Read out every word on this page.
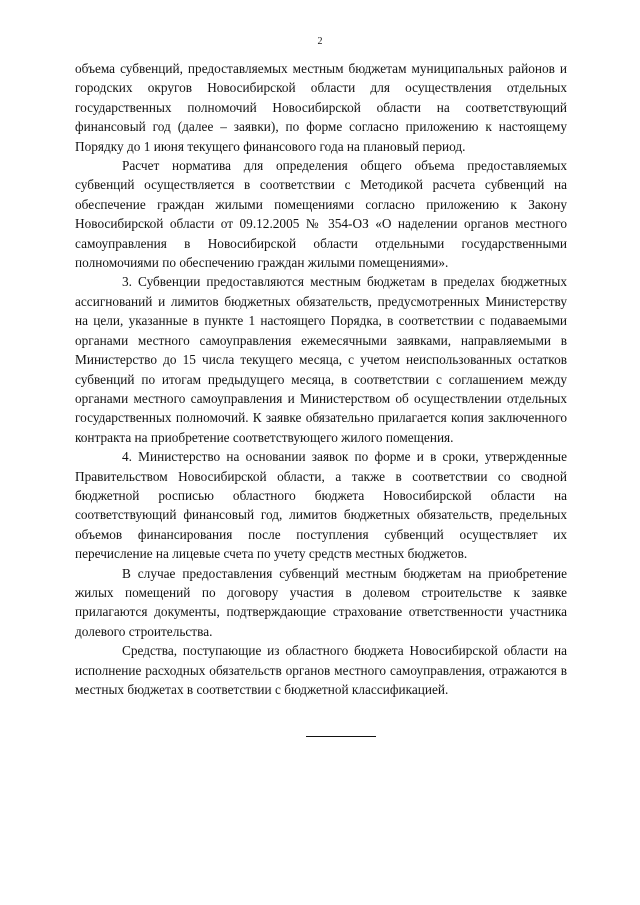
2

объема субвенций, предоставляемых местным бюджетам муниципальных районов и городских округов Новосибирской области для осуществления отдельных государственных полномочий Новосибирской области на соответствующий финансовый год (далее – заявки), по форме согласно приложению к настоящему Порядку до 1 июня текущего финансового года на плановый период.

Расчет норматива для определения общего объема предоставляемых субвенций осуществляется в соответствии с Методикой расчета субвенций на обеспечение граждан жилыми помещениями согласно приложению к Закону Новосибирской области от 09.12.2005 № 354-ОЗ «О наделении органов местного самоуправления в Новосибирской области отдельными государственными полномочиями по обеспечению граждан жилыми помещениями».

3. Субвенции предоставляются местным бюджетам в пределах бюджетных ассигнований и лимитов бюджетных обязательств, предусмотренных Министерству на цели, указанные в пункте 1 настоящего Порядка, в соответствии с подаваемыми органами местного самоуправления ежемесячными заявками, направляемыми в Министерство до 15 числа текущего месяца, с учетом неиспользованных остатков субвенций по итогам предыдущего месяца, в соответствии с соглашением между органами местного самоуправления и Министерством об осуществлении отдельных государственных полномочий. К заявке обязательно прилагается копия заключенного контракта на приобретение соответствующего жилого помещения.

4. Министерство на основании заявок по форме и в сроки, утвержденные Правительством Новосибирской области, а также в соответствии со сводной бюджетной росписью областного бюджета Новосибирской области на соответствующий финансовый год, лимитов бюджетных обязательств, предельных объемов финансирования после поступления субвенций осуществляет их перечисление на лицевые счета по учету средств местных бюджетов.

В случае предоставления субвенций местным бюджетам на приобретение жилых помещений по договору участия в долевом строительстве к заявке прилагаются документы, подтверждающие страхование ответственности участника долевого строительства.

Средства, поступающие из областного бюджета Новосибирской области на исполнение расходных обязательств органов местного самоуправления, отражаются в местных бюджетах в соответствии с бюджетной классификацией.
